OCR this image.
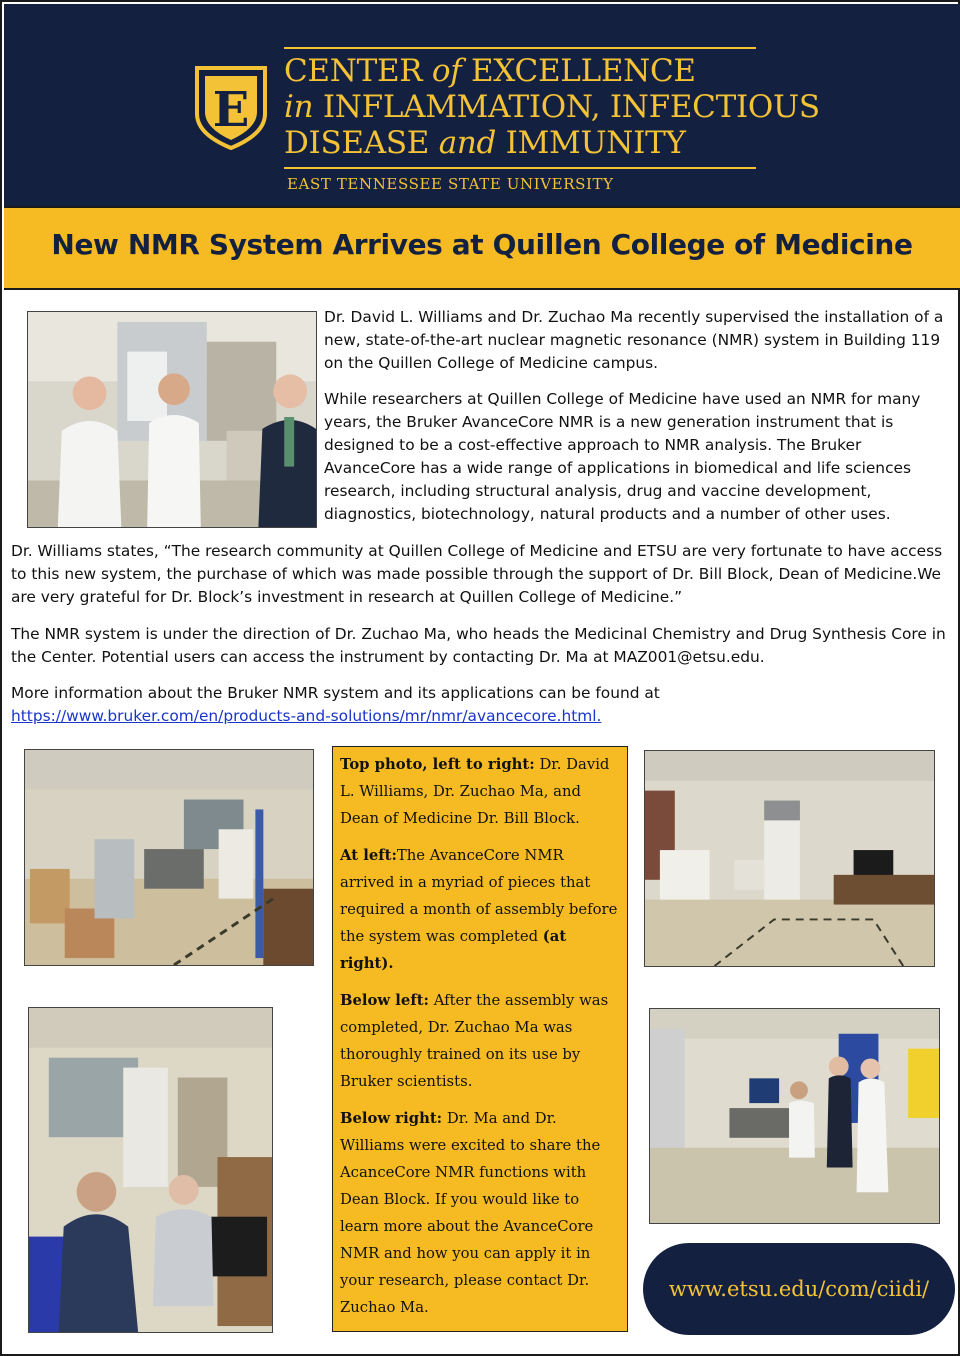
E
CENTER of EXCELLENCE
in INFLAMMATION, INFECTIOUS
DISEASE and IMMUNITY
EAST TENNESSEE STATE UNIVERSITY
New NMR System Arrives at Quillen College of Medicine

Dr. David L. Williams and Dr. Zuchao Ma recently supervised the installation of a new, state-of-the-art nuclear magnetic resonance (NMR) system in Building 119 on the Quillen College of Medicine campus.

While researchers at Quillen College of Medicine have used an NMR for many years, the Bruker AvanceCore NMR is a new generation instrument that is designed to be a cost-effective approach to NMR analysis. The Bruker AvanceCore has a wide range of applications in biomedical and life sciences research, including structural analysis, drug and vaccine development, diagnostics, biotechnology, natural products and a number of other uses.

Dr. Williams states, “The research community at Quillen College of Medicine and ETSU are very fortunate to have access to this new system, the purchase of which was made possible through the support of Dr. Bill Block, Dean of Medicine.We are very grateful for Dr. Block’s investment in research at Quillen College of Medicine.”

The NMR system is under the direction of Dr. Zuchao Ma, who heads the Medicinal Chemistry and Drug Synthesis Core in the Center. Potential users can access the instrument by contacting Dr. Ma at MAZ001@etsu.edu.

More information about the Bruker NMR system and its applications can be found at
https://www.bruker.com/en/products-and-solutions/mr/nmr/avancecore.html.

Top photo, left to right: Dr. David L. Williams, Dr. Zuchao Ma, and Dean of Medicine Dr. Bill Block.

At left:The AvanceCore NMR arrived in a myriad of pieces that required a month of assembly before the system was completed (at right).

Below left: After the assembly was completed, Dr. Zuchao Ma was thoroughly trained on its use by Bruker scientists.

Below right: Dr. Ma and Dr. Williams were excited to share the AcanceCore NMR functions with Dean Block. If you would like to learn more about the AvanceCore NMR and how you can apply it in your research, please contact Dr. Zuchao Ma.

www.etsu.edu/com/ciidi/
